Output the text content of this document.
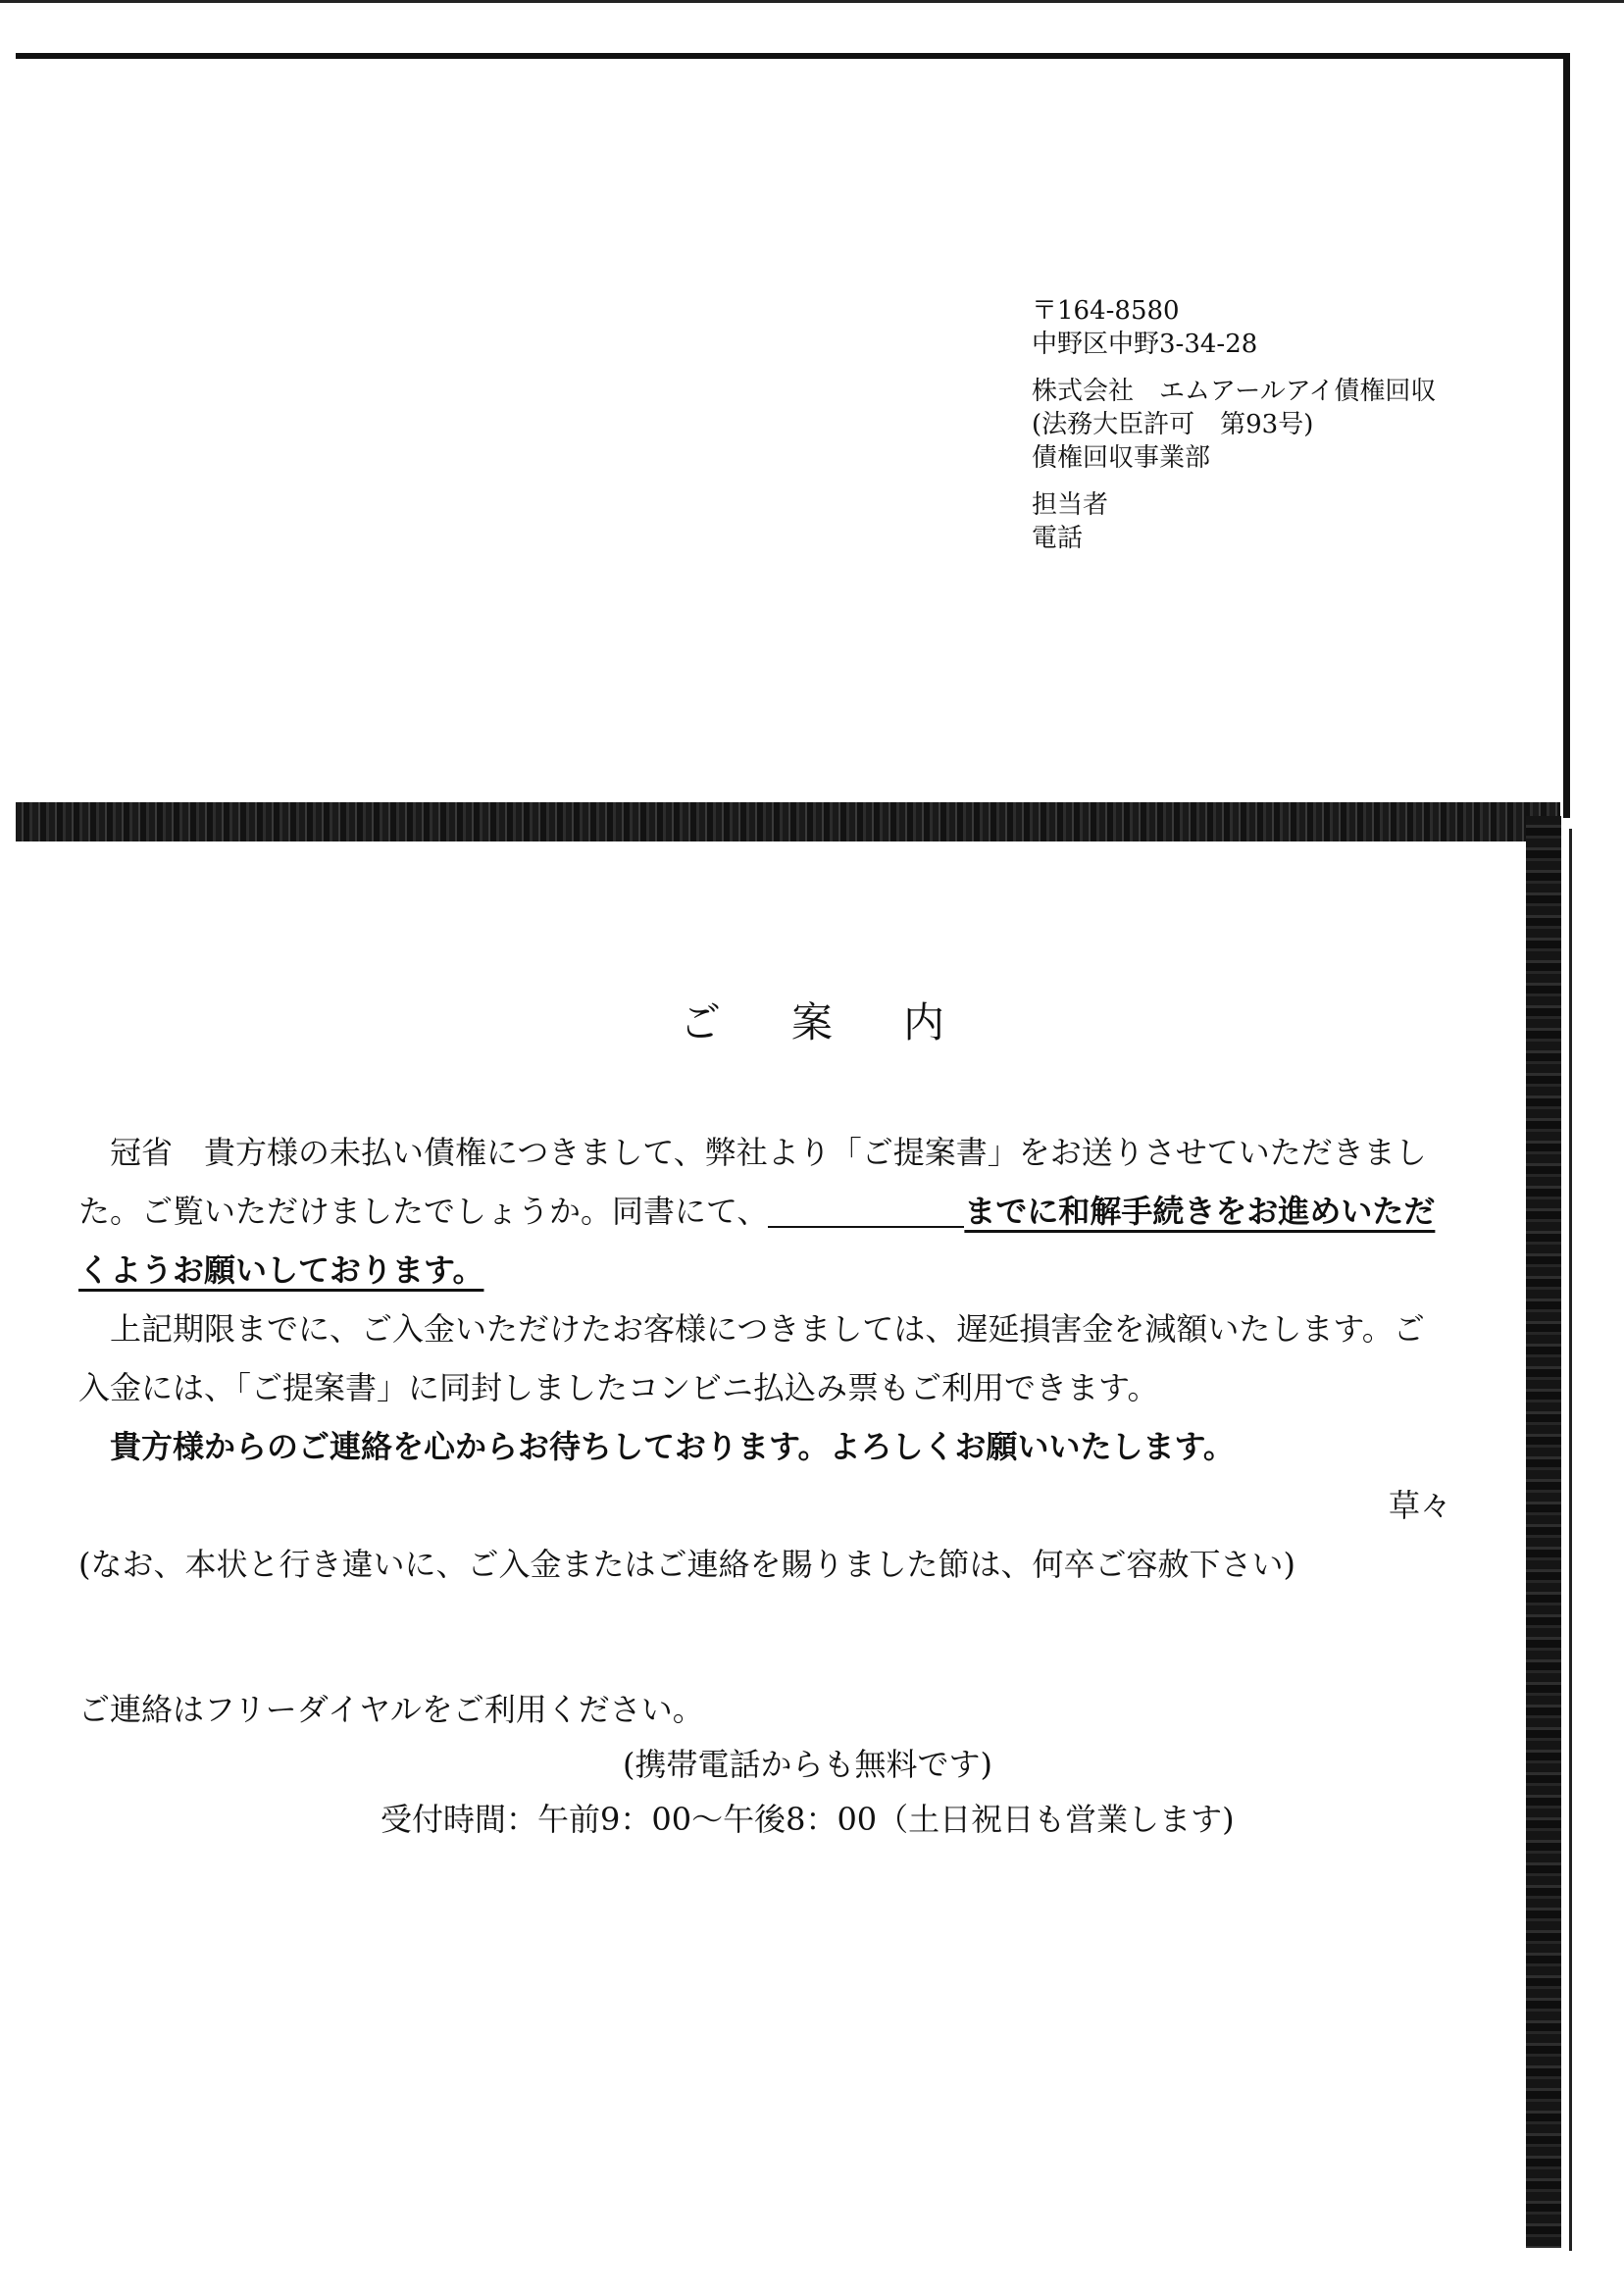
〒164-8580
中野区中野3-34-28
株式会社　エムアールアイ債権回収
(法務大臣許可　第93号)
債権回収事業部
担当者
電話
ご案内

冠省　貴方様の未払い債権につきまして、弊社より「ご提案書」をお送りさせていただきました。ご覧いただけましたでしょうか。同書にて、	までに和解手続きをお進めいただくようお願いしております。

上記期限までに、ご入金いただけたお客様につきましては、遅延損害金を減額いたします。ご入金には、「ご提案書」に同封しましたコンビニ払込み票もご利用できます。

貴方様からのご連絡を心からお待ちしております。よろしくお願いいたします。

草々

(なお、本状と行き違いに、ご入金またはご連絡を賜りました節は、何卒ご容赦下さい)

ご連絡はフリーダイヤルをご利用ください。

(携帯電話からも無料です)

受付時間：午前9：00～午後8：00（土日祝日も営業します)
